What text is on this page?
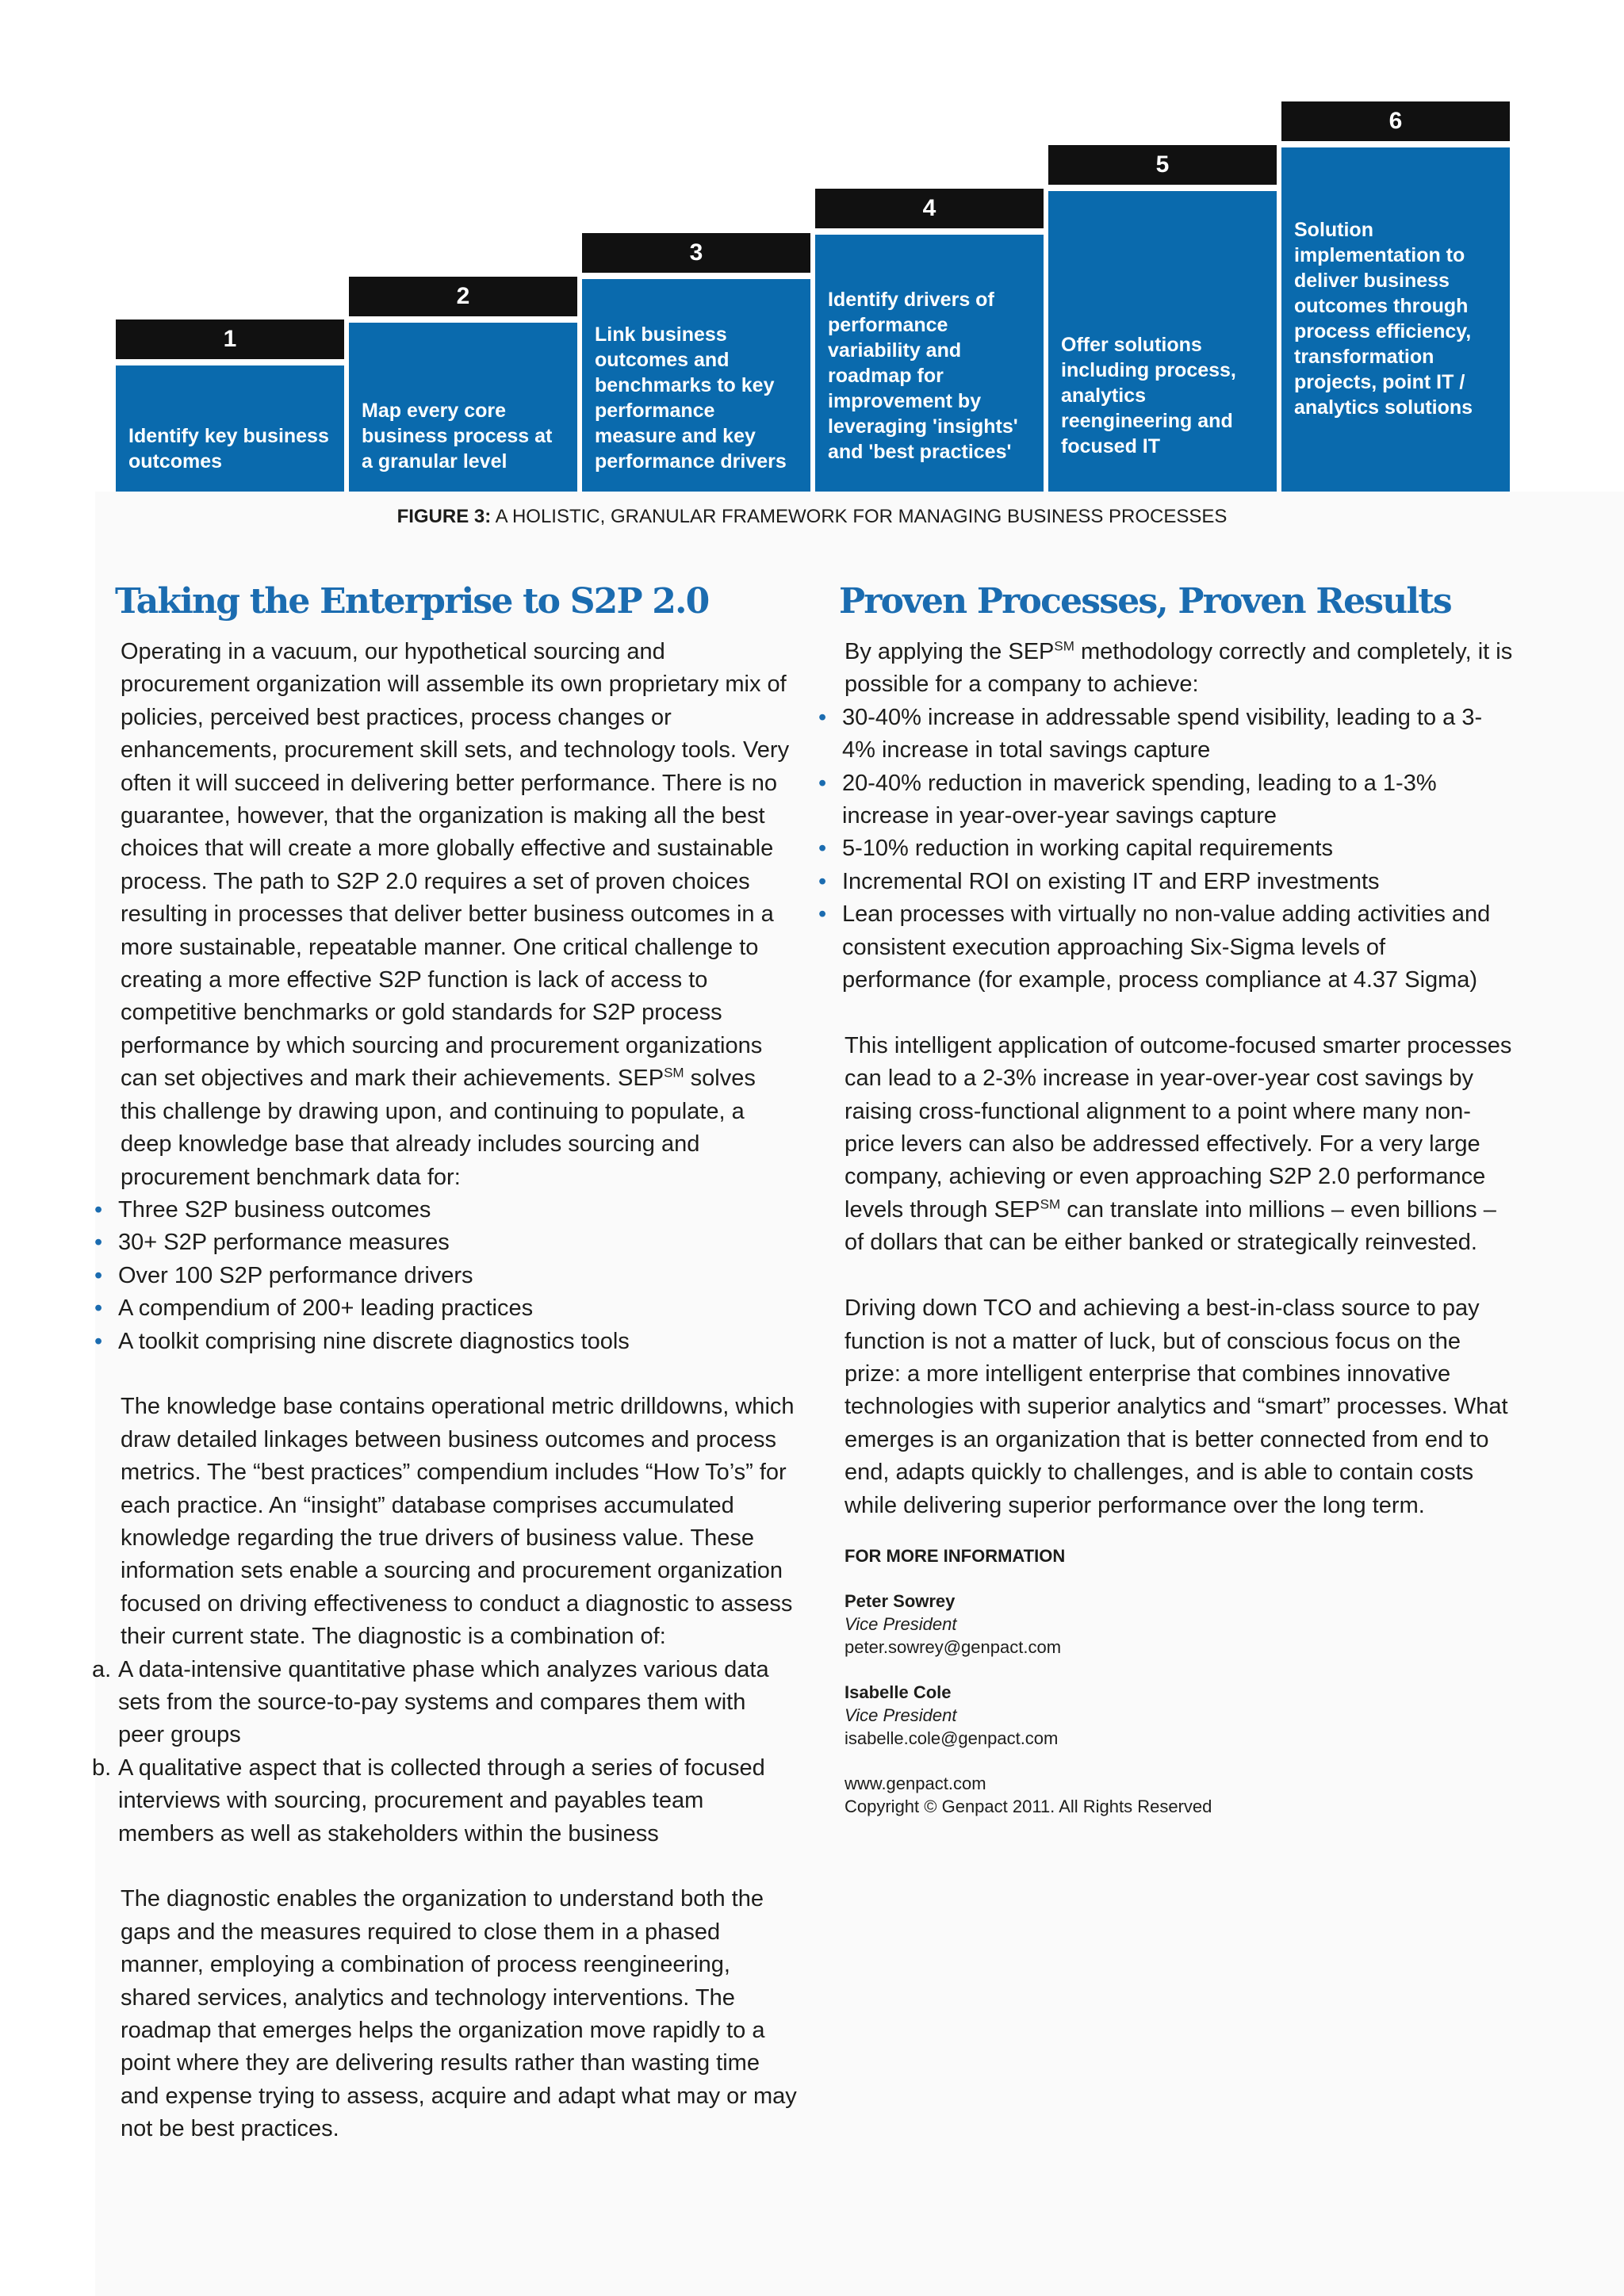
1
Identify key business outcomes
2
Map every core business process at a granular level
3
Link business outcomes and benchmarks to key performance measure and key performance drivers
4
Identify drivers of performance variability and roadmap for improvement by leveraging 'insights' and 'best practices'
5
Offer solutions including process, analytics reengineering and focused IT
6
Solution implementation to deliver business outcomes through process efficiency, transformation projects, point IT / analytics solutions
FIGURE 3: A HOLISTIC, GRANULAR FRAMEWORK FOR MANAGING BUSINESS PROCESSES
Taking the Enterprise to S2P 2.0

Operating in a vacuum, our hypothetical sourcing and procurement organization will assemble its own proprietary mix of policies, perceived best practices, process changes or enhancements, procurement skill sets, and technology tools. Very often it will succeed in delivering better performance. There is no guarantee, however, that the organization is making all the best choices that will create a more globally effective and sustainable process. The path to S2P 2.0 requires a set of proven choices resulting in processes that deliver better business outcomes in a more sustainable, repeatable manner. One critical challenge to creating a more effective S2P function is lack of access to competitive benchmarks or gold standards for S2P process performance by which sourcing and procurement organizations can set objectives and mark their achievements. SEP℠ solves this challenge by drawing upon, and continuing to populate, a deep knowledge base that already includes sourcing and procurement benchmark data for:

• Three S2P business outcomes
• 30+ S2P performance measures
• Over 100 S2P performance drivers
• A compendium of 200+ leading practices
• A toolkit comprising nine discrete diagnostics tools

The knowledge base contains operational metric drilldowns, which draw detailed linkages between business outcomes and process metrics. The “best practices” compendium includes “How To’s” for each practice. An “insight” database comprises accumulated knowledge regarding the true drivers of business value. These information sets enable a sourcing and procurement organization focused on driving effectiveness to conduct a diagnostic to assess their current state. The diagnostic is a combination of:

a. A data-intensive quantitative phase which analyzes various data sets from the source-to-pay systems and compares them with peer groups
b. A qualitative aspect that is collected through a series of focused interviews with sourcing, procurement and payables team members as well as stakeholders within the business

The diagnostic enables the organization to understand both the gaps and the measures required to close them in a phased manner, employing a combination of process reengineering, shared services, analytics and technology interventions. The roadmap that emerges helps the organization move rapidly to a point where they are delivering results rather than wasting time and expense trying to assess, acquire and adapt what may or may not be best practices.

Proven Processes, Proven Results

By applying the SEP℠ methodology correctly and completely, it is possible for a company to achieve:

• 30-40% increase in addressable spend visibility, leading to a 3-4% increase in total savings capture
• 20-40% reduction in maverick spending, leading to a 1-3% increase in year-over-year savings capture
• 5-10% reduction in working capital requirements
• Incremental ROI on existing IT and ERP investments
• Lean processes with virtually no non-value adding activities and consistent execution approaching Six-Sigma levels of performance (for example, process compliance at 4.37 Sigma)

This intelligent application of outcome-focused smarter processes can lead to a 2-3% increase in year-over-year cost savings by raising cross-functional alignment to a point where many non-price levers can also be addressed effectively. For a very large company, achieving or even approaching S2P 2.0 performance levels through SEP℠ can translate into millions – even billions – of dollars that can be either banked or strategically reinvested.

Driving down TCO and achieving a best-in-class source to pay function is not a matter of luck, but of conscious focus on the prize: a more intelligent enterprise that combines innovative technologies with superior analytics and “smart” processes. What emerges is an organization that is better connected from end to end, adapts quickly to challenges, and is able to contain costs while delivering superior performance over the long term.

FOR MORE INFORMATION
Peter Sowrey
Vice President
peter.sowrey@genpact.com
Isabelle Cole
Vice President
isabelle.cole@genpact.com
www.genpact.com
Copyright © Genpact 2011. All Rights Reserved
